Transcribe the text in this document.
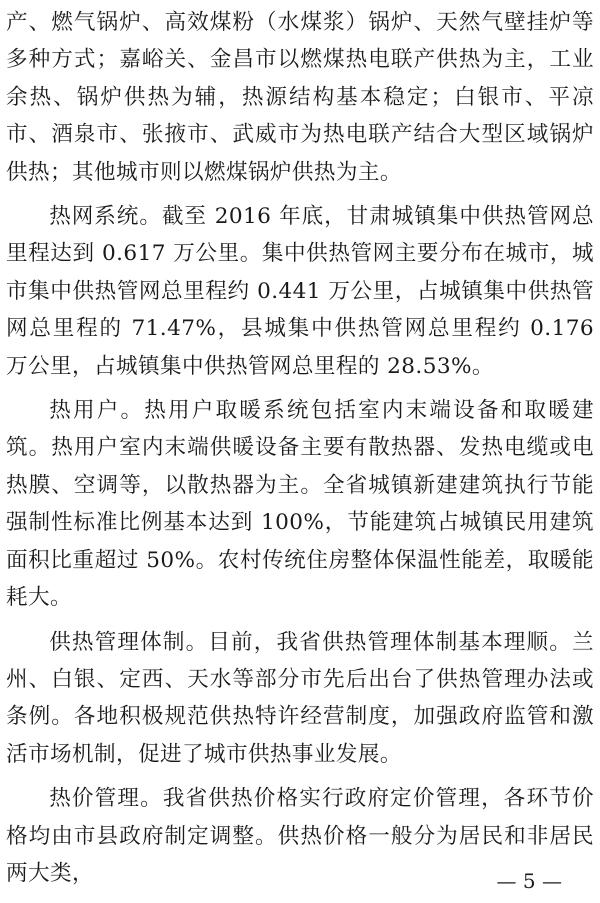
产、燃气锅炉、高效煤粉（水煤浆）锅炉、天然气壁挂炉等多种方式；嘉峪关、金昌市以燃煤热电联产供热为主，工业余热、锅炉供热为辅，热源结构基本稳定；白银市、平凉市、酒泉市、张掖市、武威市为热电联产结合大型区域锅炉供热；其他城市则以燃煤锅炉供热为主。

热网系统。截至 2016 年底，甘肃城镇集中供热管网总里程达到 0.617 万公里。集中供热管网主要分布在城市，城市集中供热管网总里程约 0.441 万公里，占城镇集中供热管网总里程的 71.47%，县城集中供热管网总里程约 0.176 万公里，占城镇集中供热管网总里程的 28.53%。

热用户。热用户取暖系统包括室内末端设备和取暖建筑。热用户室内末端供暖设备主要有散热器、发热电缆或电热膜、空调等，以散热器为主。全省城镇新建建筑执行节能强制性标准比例基本达到 100%，节能建筑占城镇民用建筑面积比重超过 50%。农村传统住房整体保温性能差，取暖能耗大。

供热管理体制。目前，我省供热管理体制基本理顺。兰州、白银、定西、天水等部分市先后出台了供热管理办法或条例。各地积极规范供热特许经营制度，加强政府监管和激活市场机制，促进了城市供热事业发展。

热价管理。我省供热价格实行政府定价管理，各环节价格均由市县政府制定调整。供热价格一般分为居民和非居民两大类，	— 5 —
